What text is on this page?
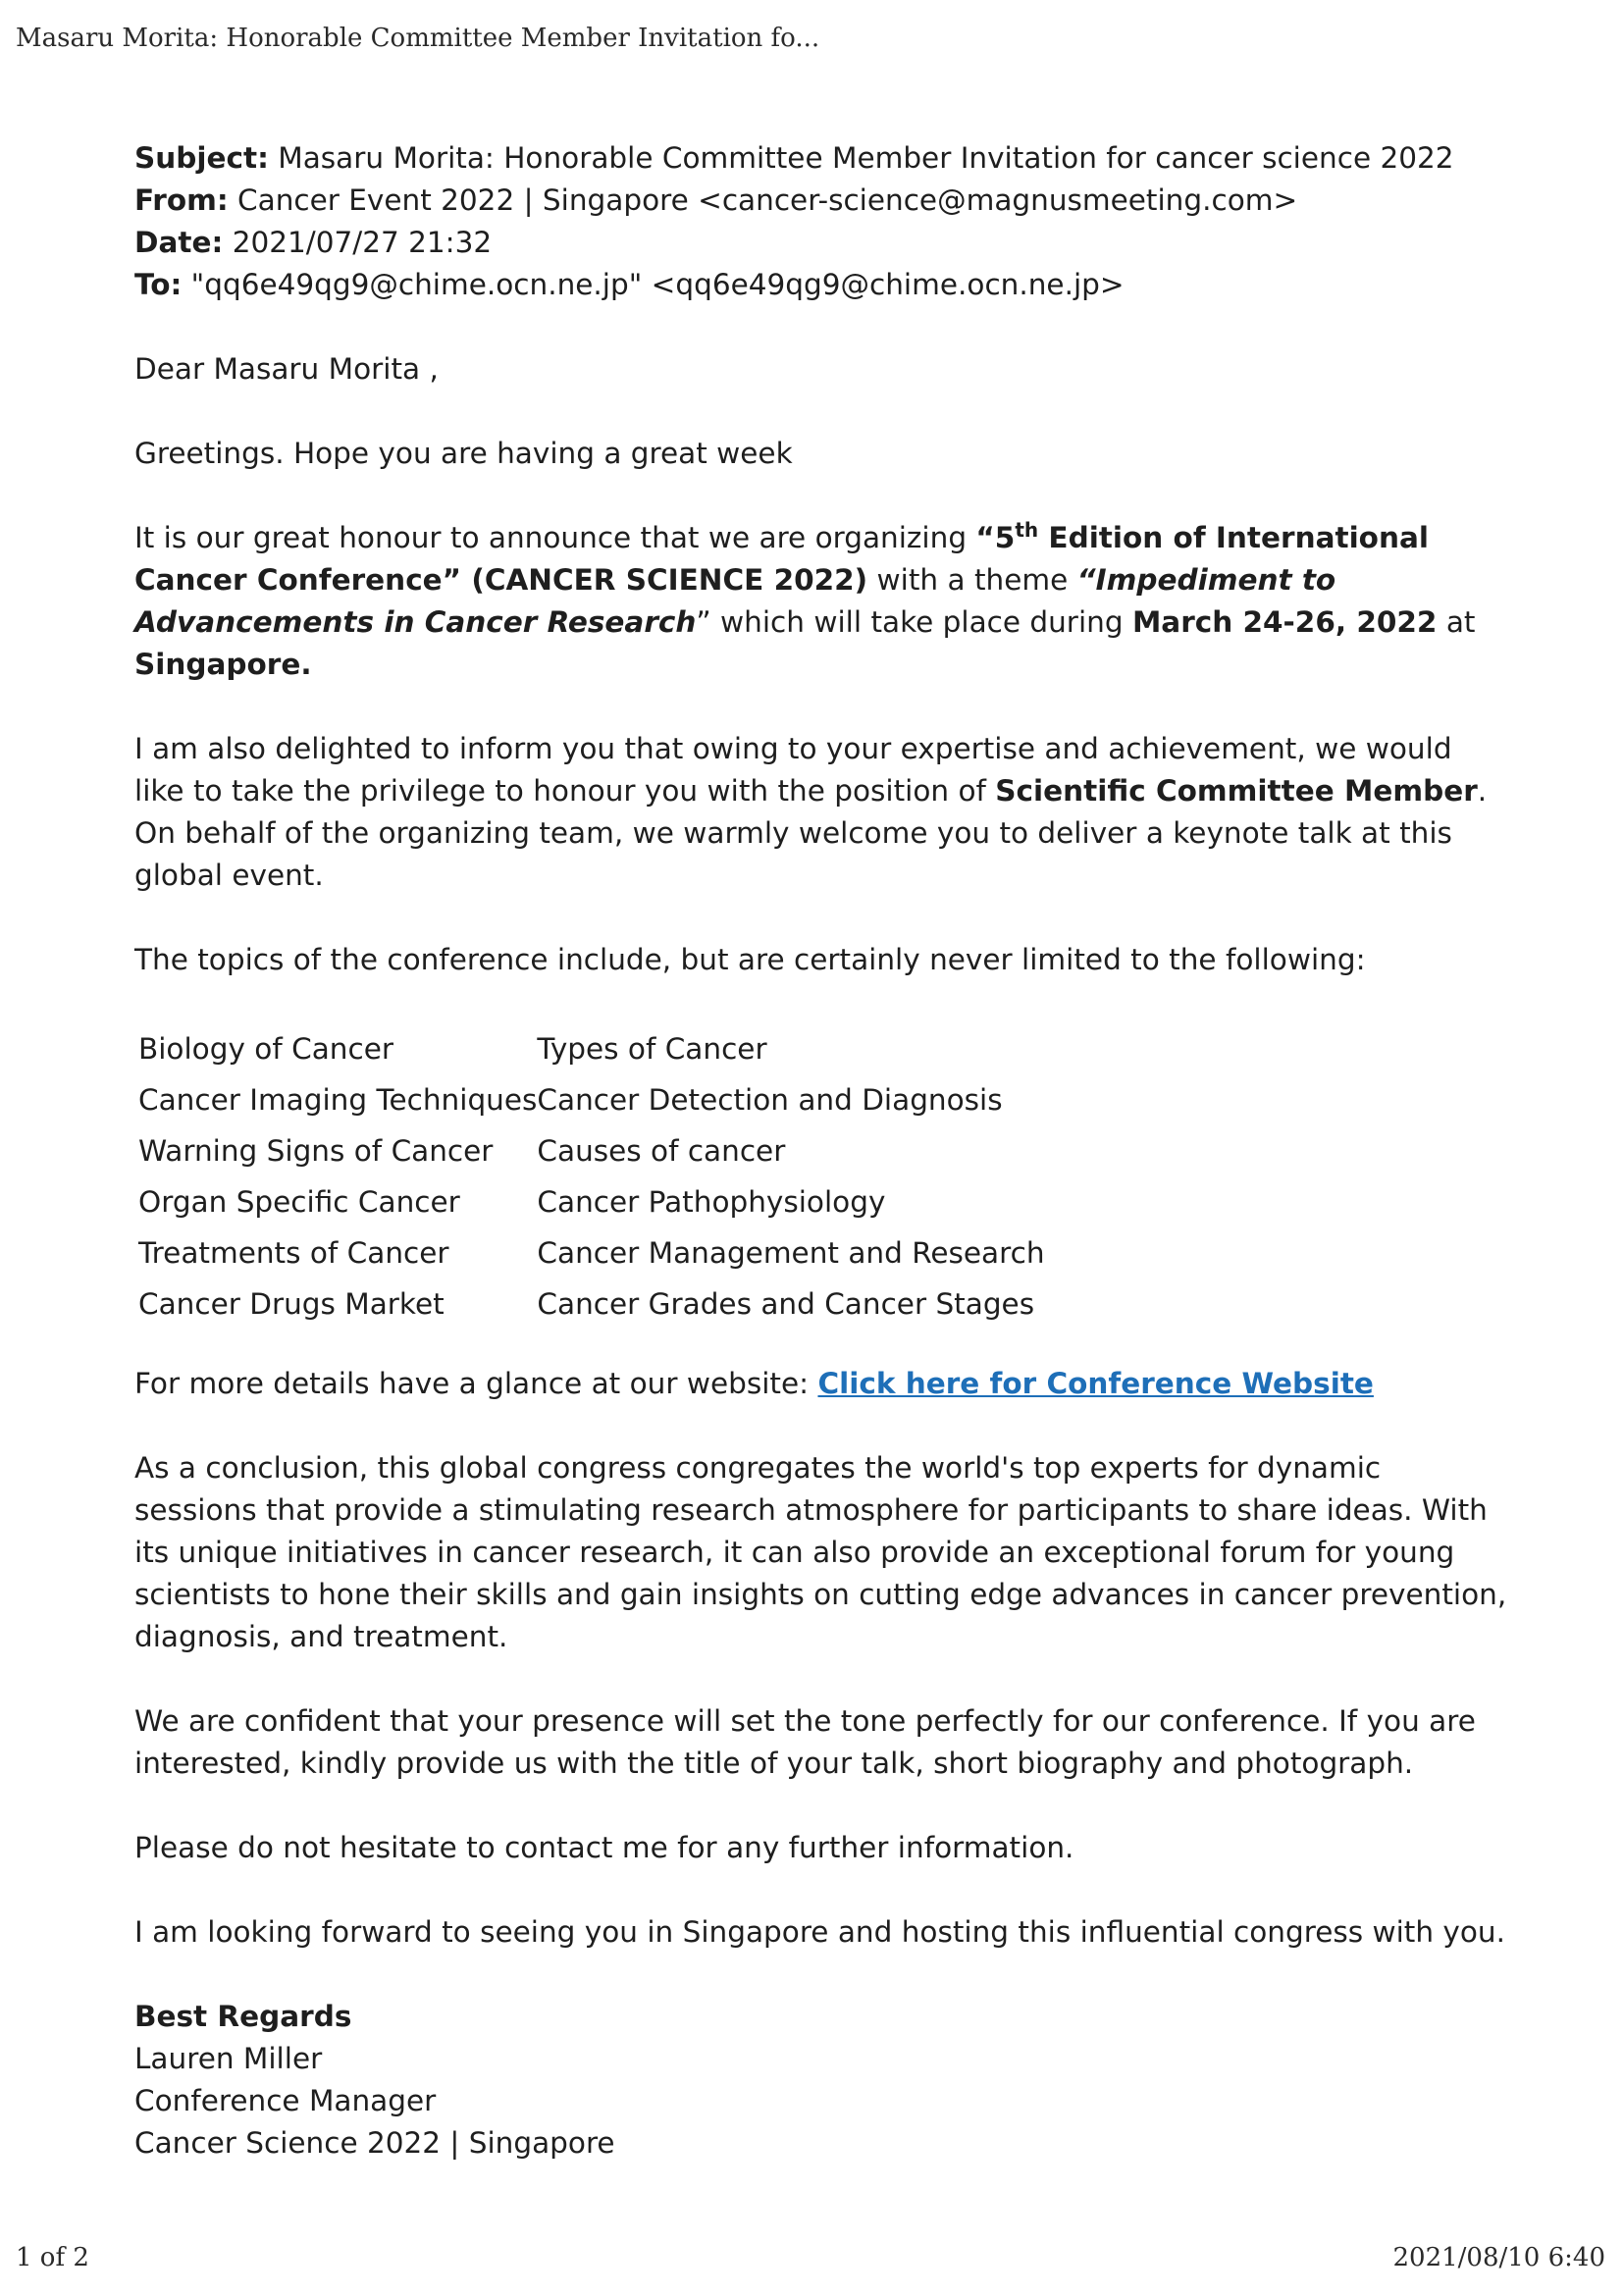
Masaru Morita: Honorable Committee Member Invitation fo...
Subject: Masaru Morita: Honorable Committee Member Invitation for cancer science 2022
From: Cancer Event 2022 | Singapore <cancer-science@magnusmeeting.com>
Date: 2021/07/27 21:32
To: "qq6e49qg9@chime.ocn.ne.jp" <qq6e49qg9@chime.ocn.ne.jp>

Dear Masaru Morita ,

Greetings. Hope you are having a great week

It is our great honour to announce that we are organizing “5th Edition of International Cancer Conference” (CANCER SCIENCE 2022) with a theme “Impediment to Advancements in Cancer Research” which will take place during March 24-26, 2022 at Singapore.

I am also delighted to inform you that owing to your expertise and achievement, we would like to take the privilege to honour you with the position of Scientific Committee Member. On behalf of the organizing team, we warmly welcome you to deliver a keynote talk at this global event.

The topics of the conference include, but are certainly never limited to the following:

Biology of Cancer	Types of Cancer
Cancer Imaging Techniques	Cancer Detection and Diagnosis
Warning Signs of Cancer	Causes of cancer
Organ Specific Cancer	Cancer Pathophysiology
Treatments of Cancer	Cancer Management and Research
Cancer Drugs Market	Cancer Grades and Cancer Stages

For more details have a glance at our website: Click here for Conference Website

As a conclusion, this global congress congregates the world's top experts for dynamic sessions that provide a stimulating research atmosphere for participants to share ideas. With its unique initiatives in cancer research, it can also provide an exceptional forum for young scientists to hone their skills and gain insights on cutting edge advances in cancer prevention, diagnosis, and treatment.

We are confident that your presence will set the tone perfectly for our conference. If you are interested, kindly provide us with the title of your talk, short biography and photograph.

Please do not hesitate to contact me for any further information.

I am looking forward to seeing you in Singapore and hosting this influential congress with you.

Best Regards

Lauren Miller

Conference Manager

Cancer Science 2022 | Singapore

1 of 2	2021/08/10 6:40
